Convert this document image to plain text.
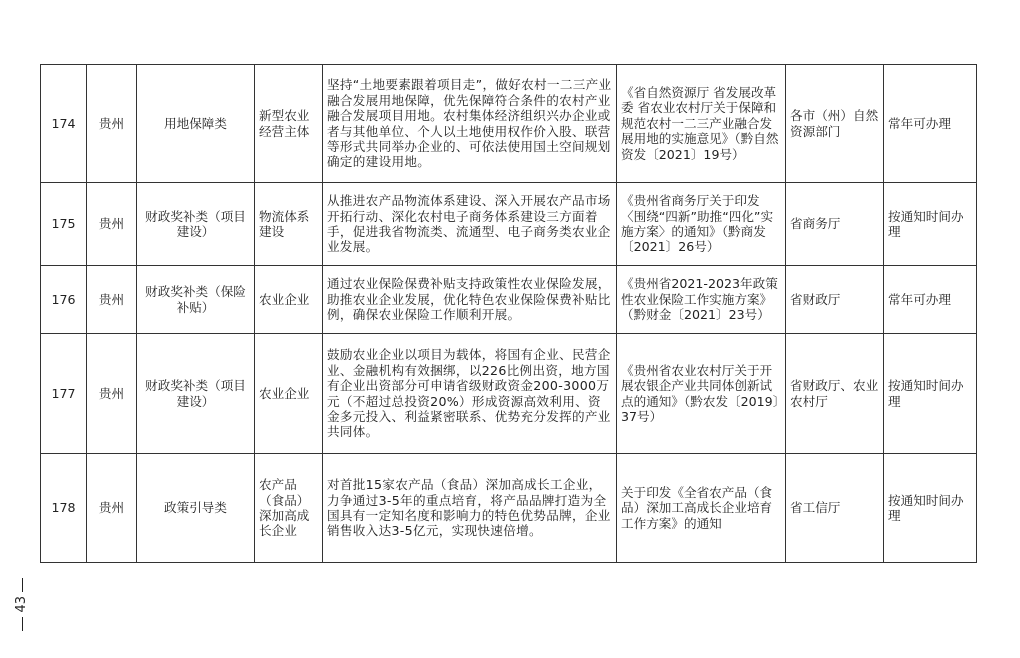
174	贵州	用地保障类	新型农业经营主体	坚持“土地要素跟着项目走”，做好农村一二三产业融合发展用地保障，优先保障符合条件的农村产业融合发展项目用地。农村集体经济组织兴办企业或者与其他单位、个人以土地使用权作价入股、联营等形式共同举办企业的、可依法使用国土空间规划确定的建设用地。	《省自然资源厅 省发展改革委 省农业农村厅关于保障和规范农村一二三产业融合发展用地的实施意见》（黔自然资发〔2021〕19号）	各市（州）自然资源部门	常年可办理
175	贵州	财政奖补类（项目建设）	物流体系建设	从推进农产品物流体系建设、深入开展农产品市场开拓行动、深化农村电子商务体系建设三方面着手，促进我省物流类、流通型、电子商务类农业企业发展。	《贵州省商务厅关于印发〈围绕“四新”助推“四化”实施方案〉的通知》（黔商发〔2021〕26号）	省商务厅	按通知时间办理
176	贵州	财政奖补类（保险补贴）	农业企业	通过农业保险保费补贴支持政策性农业保险发展，助推农业企业发展，优化特色农业保险保费补贴比例，确保农业保险工作顺利开展。	《贵州省2021-2023年政策性农业保险工作实施方案》（黔财金〔2021〕23号）	省财政厅	常年可办理
177	贵州	财政奖补类（项目建设）	农业企业	鼓励农业企业以项目为载体，将国有企业、民营企业、金融机构有效捆绑，以226比例出资，地方国有企业出资部分可申请省级财政资金200-3000万元（不超过总投资20%）形成资源高效利用、资金多元投入、利益紧密联系、优势充分发挥的产业共同体。	《贵州省农业农村厅关于开展农银企产业共同体创新试点的通知》（黔农发〔2019〕37号）	省财政厅、农业农村厅	按通知时间办理
178	贵州	政策引导类	农产品（食品）深加高成长企业	对首批15家农产品（食品）深加高成长工企业，力争通过3-5年的重点培育，将产品品牌打造为全国具有一定知名度和影响力的特色优势品牌，企业销售收入达3-5亿元，实现快速倍增。	关于印发《全省农产品（食品）深加工高成长企业培育工作方案》的通知	省工信厅	按通知时间办理
43
